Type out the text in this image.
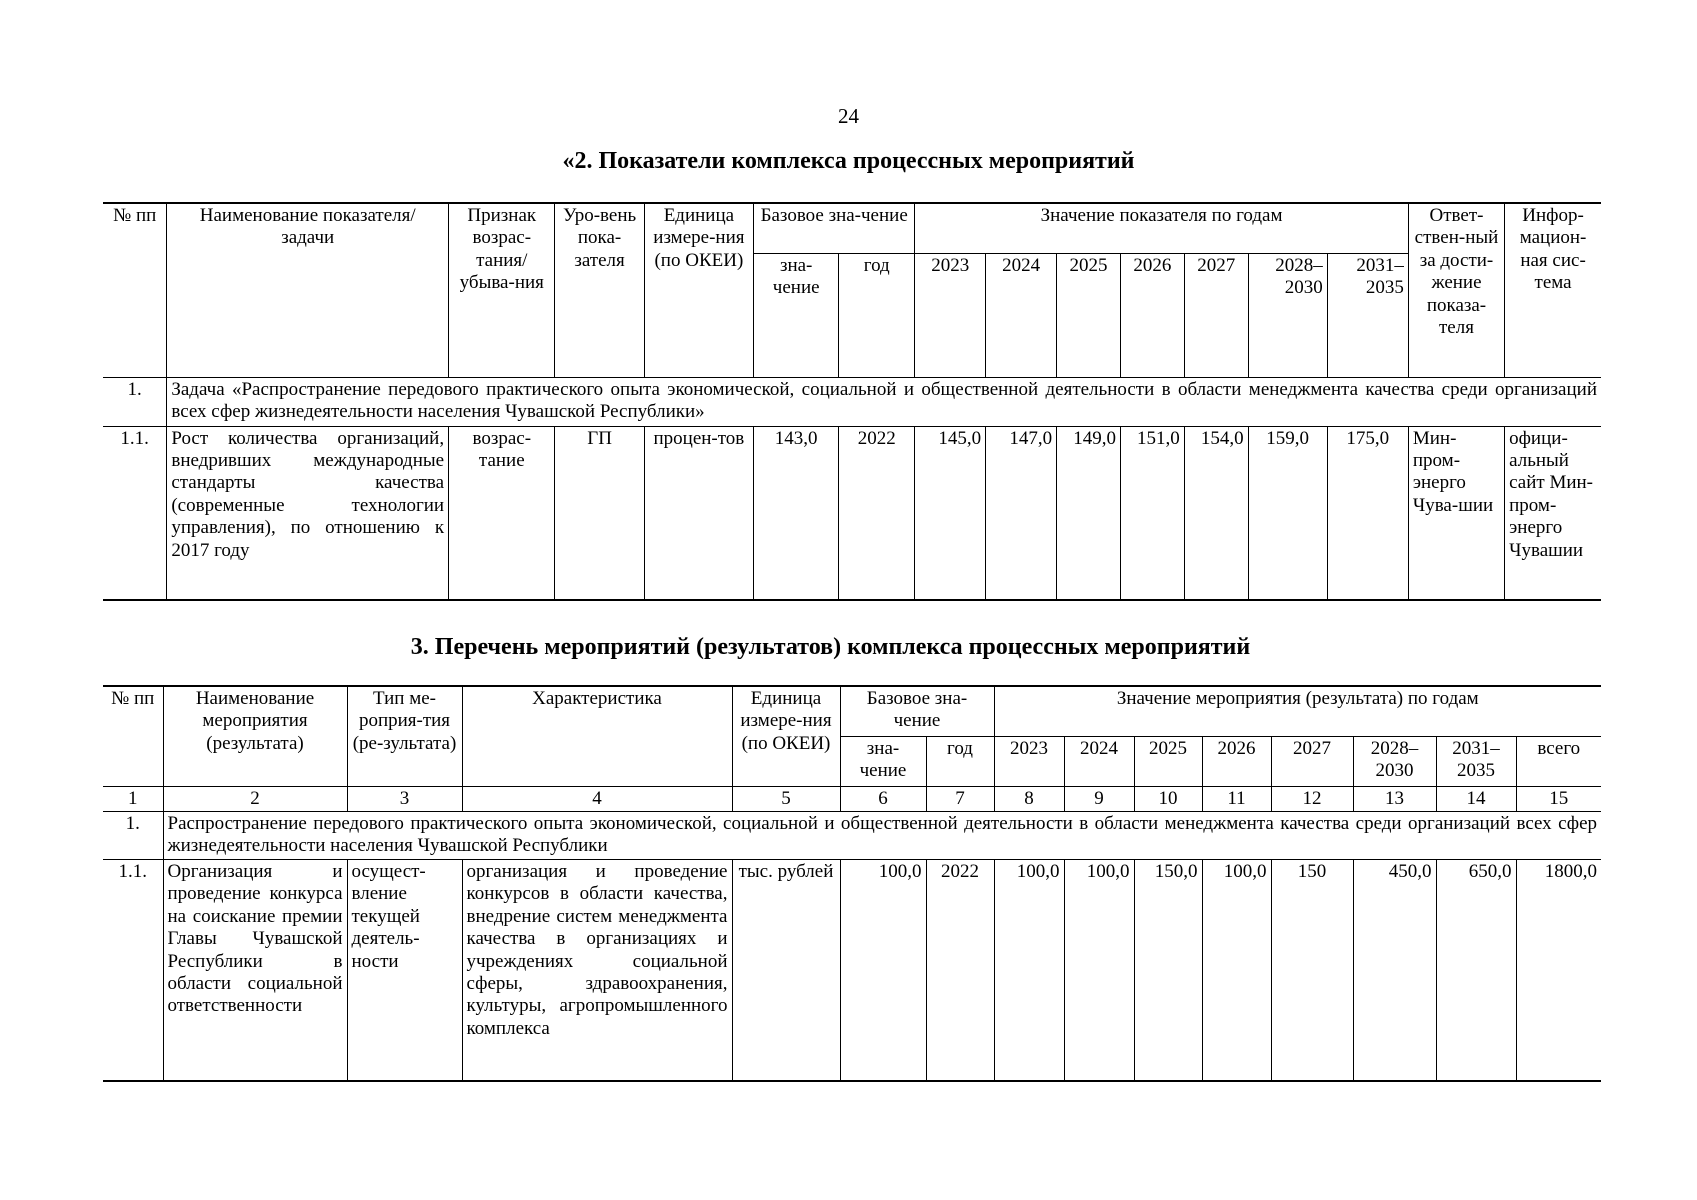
24
«2. Показатели комплекса процессных мероприятий
№ пп	Наименование показателя/ задачи	Признак возрас-тания/ убыва-ния	Уро-вень пока-зателя	Единица измере-ния (по ОКЕИ)	Базовое зна-чение		Значение показателя по годам							Ответ-ствен-ный за дости-жение показа-теля	Инфор-мацион-ная сис-тема
					зна-чение	год	2023	2024	2025	2026	2027	2028–2030	2031–2035		
1.	Задача «Распространение передового практического опыта экономической, социальной и общественной деятельности в области менеджмента качества среди организаций всех сфер жизнедеятельности населения Чувашской Республики»														
1.1.	Рост количества организаций, внедривших международные стандарты качества (современные технологии управления), по отношению к 2017 году	возрас-тание	ГП	процен-тов	143,0	2022	145,0	147,0	149,0	151,0	154,0	159,0	175,0	Мин-пром-энерго Чува-шии	офици-альный сайт Мин-пром-энерго Чувашии
3. Перечень мероприятий (результатов) комплекса процессных мероприятий
№ пп	Наименование мероприятия (результата)	Тип ме-роприя-тия (ре-зультата)	Характеристика	Единица измере-ния (по ОКЕИ)	Базовое зна-чение		Значение мероприятия (результата) по годам							
					зна-чение	год	2023	2024	2025	2026	2027	2028–2030	2031–2035	всего
1	2	3	4	5	6	7	8	9	10	11	12	13	14	15
1.	Распространение передового практического опыта экономической, социальной и общественной деятельности в области менеджмента качества среди организаций всех сфер жизнедеятельности населения Чувашской Республики													
1.1.	Организация и проведение конкурса на соискание премии Главы Чувашской Республики в области социальной ответственности	осущест-вление текущей деятель-ности	организация и проведение конкурсов в области качества, внедрение систем менеджмента качества в организациях и учреждениях социальной сферы, здравоохранения, культуры, агропромышленного комплекса	тыс. рублей	100,0	2022	100,0	100,0	150,0	100,0	150	450,0	650,0	1800,0
